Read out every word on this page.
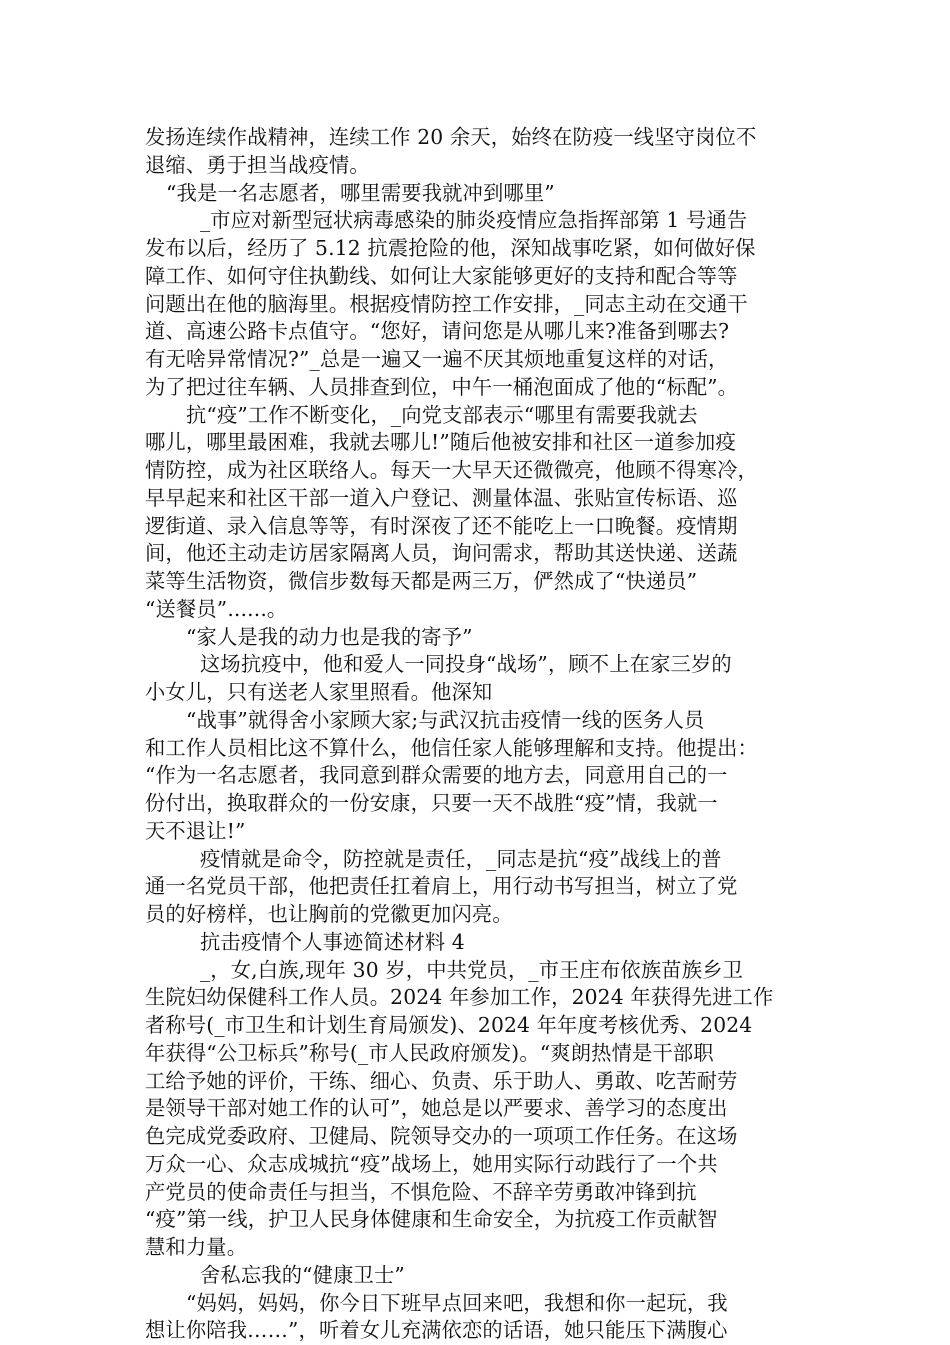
发扬连续作战精神，连续工作 20 余天，始终在防疫一线坚守岗位不

退缩、勇于担当战疫情。

“我是一名志愿者，哪里需要我就冲到哪里”

_市应对新型冠状病毒感染的肺炎疫情应急指挥部第 1 号通告

发布以后，经历了 5.12 抗震抢险的他，深知战事吃紧，如何做好保

障工作、如何守住执勤线、如何让大家能够更好的支持和配合等等

问题出在他的脑海里。根据疫情防控工作安排，_同志主动在交通干

道、高速公路卡点值守。“您好，请问您是从哪儿来?准备到哪去?

有无啥异常情况?”_总是一遍又一遍不厌其烦地重复这样的对话，

为了把过往车辆、人员排查到位，中午一桶泡面成了他的“标配”。

抗“疫”工作不断变化，_向党支部表示“哪里有需要我就去

哪儿，哪里最困难，我就去哪儿!”随后他被安排和社区一道参加疫

情防控，成为社区联络人。每天一大早天还微微亮，他顾不得寒冷，

早早起来和社区干部一道入户登记、测量体温、张贴宣传标语、巡

逻街道、录入信息等等，有时深夜了还不能吃上一口晚餐。疫情期

间，他还主动走访居家隔离人员，询问需求，帮助其送快递、送蔬

菜等生活物资，微信步数每天都是两三万，俨然成了“快递员”

“送餐员”......。

“家人是我的动力也是我的寄予”

这场抗疫中，他和爱人一同投身“战场”，顾不上在家三岁的

小女儿，只有送老人家里照看。他深知

“战事”就得舍小家顾大家;与武汉抗击疫情一线的医务人员

和工作人员相比这不算什么，他信任家人能够理解和支持。他提出：

“作为一名志愿者，我同意到群众需要的地方去，同意用自己的一

份付出，换取群众的一份安康，只要一天不战胜“疫”情，我就一

天不退让!”

疫情就是命令，防控就是责任，_同志是抗“疫”战线上的普

通一名党员干部，他把责任扛着肩上，用行动书写担当，树立了党

员的好榜样，也让胸前的党徽更加闪亮。

抗击疫情个人事迹简述材料 4

_，女,白族,现年 30 岁，中共党员，_市王庄布依族苗族乡卫

生院妇幼保健科工作人员。2024 年参加工作，2024 年获得先进工作

者称号(_市卫生和计划生育局颁发)、2024 年年度考核优秀、2024

年获得“公卫标兵”称号(_市人民政府颁发)。“爽朗热情是干部职

工给予她的评价，干练、细心、负责、乐于助人、勇敢、吃苦耐劳

是领导干部对她工作的认可”，她总是以严要求、善学习的态度出

色完成党委政府、卫健局、院领导交办的一项项工作任务。在这场

万众一心、众志成城抗“疫”战场上，她用实际行动践行了一个共

产党员的使命责任与担当，不惧危险、不辞辛劳勇敢冲锋到抗

“疫”第一线，护卫人民身体健康和生命安全，为抗疫工作贡献智

慧和力量。

舍私忘我的“健康卫士”

“妈妈，妈妈，你今日下班早点回来吧，我想和你一起玩，我

想让你陪我……”，听着女儿充满依恋的话语，她只能压下满腹心
